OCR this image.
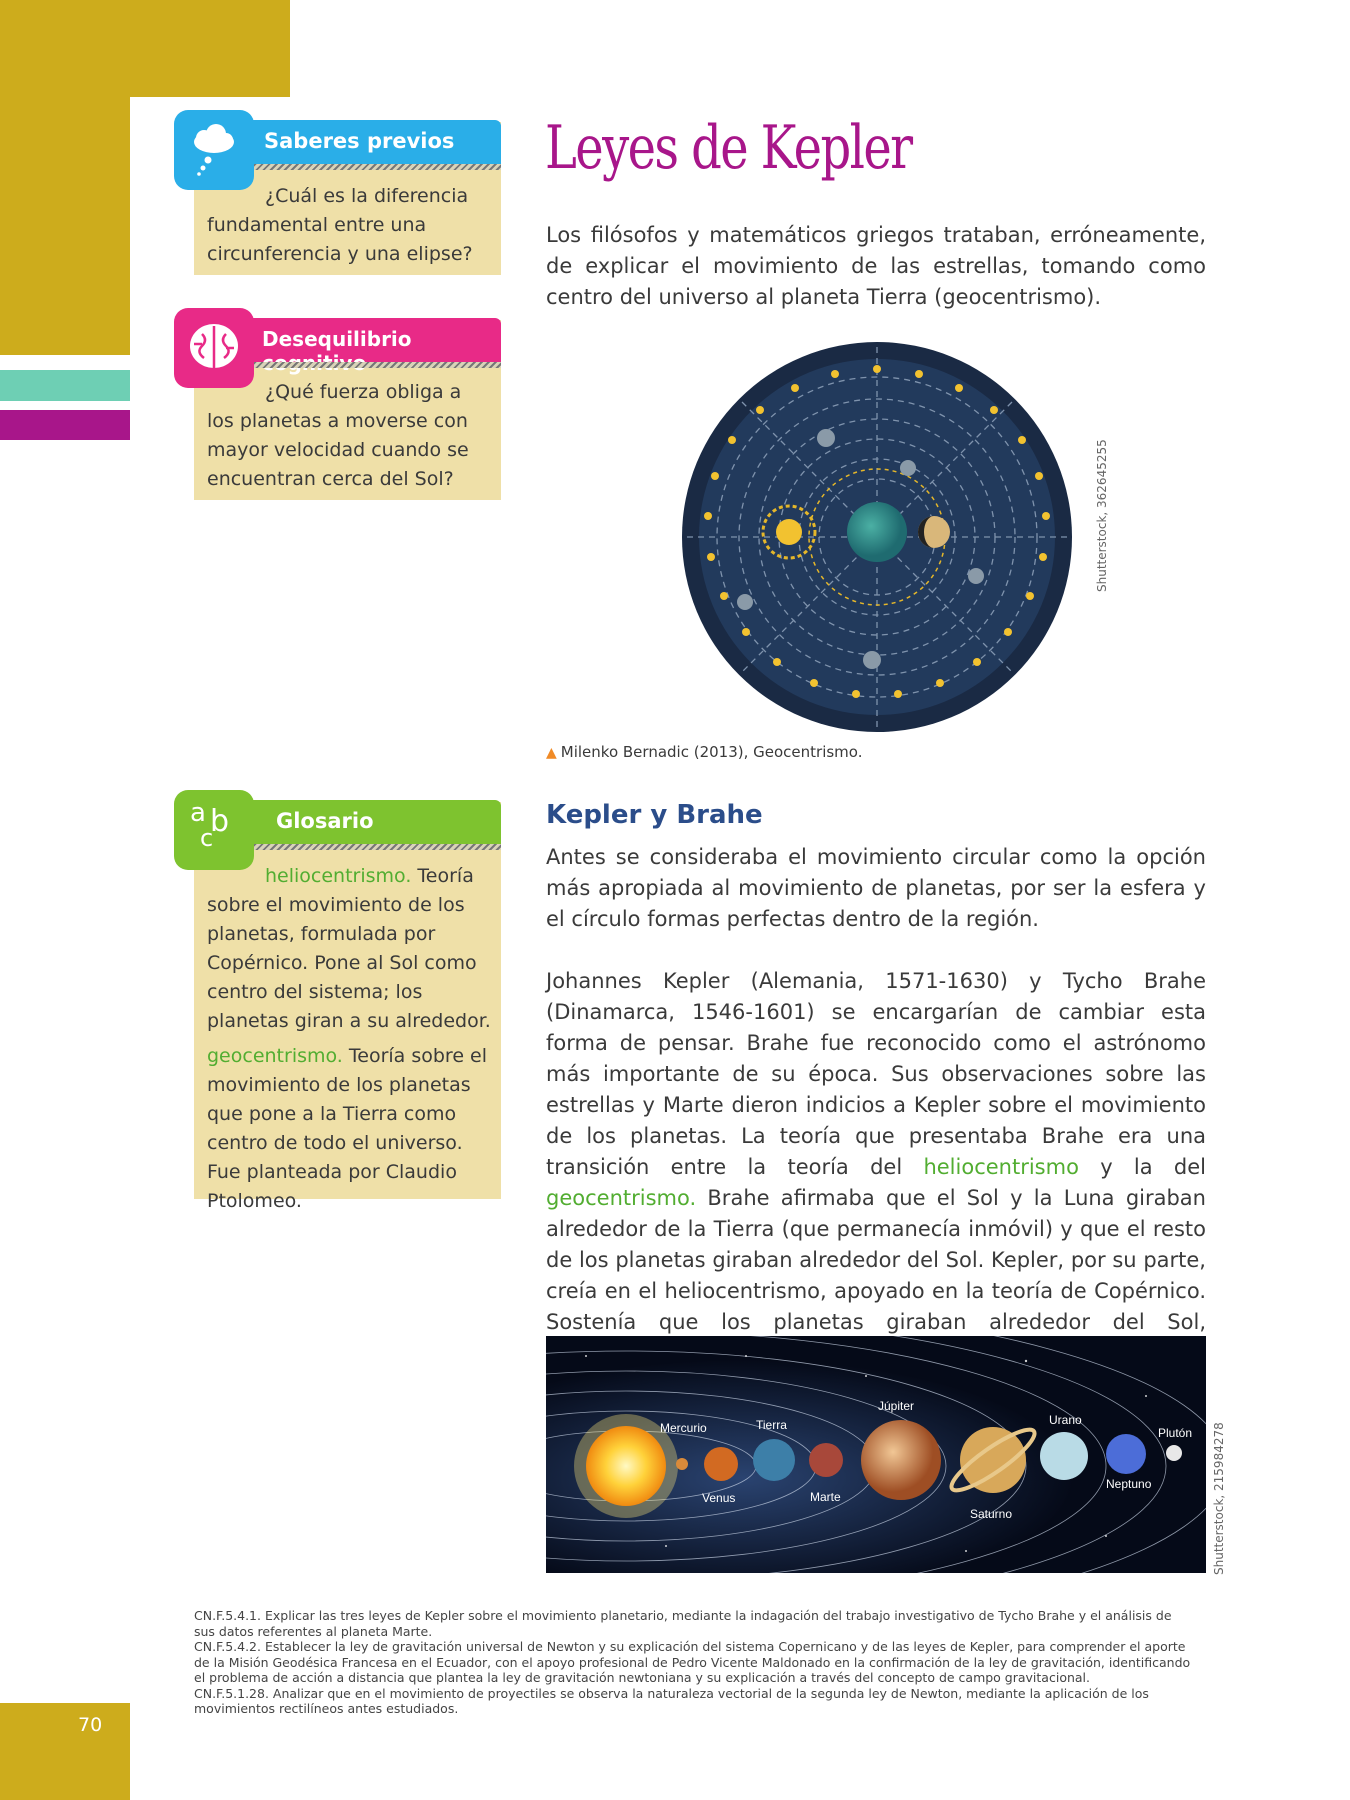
70
Saberes previos
¿Cuál es la diferencia fundamental entre una circunferencia y una elipse?
Desequilibrio
¿Qué fuerza obliga a los planetas a moverse con mayor velocidad cuando se encuentran cerca del Sol?
Glosario
a b
c
heliocentrismo. Teoría sobre el movimiento de los planetas, formulada por Copérnico. Pone al Sol como centro del sistema; los planetas giran a su alrededor.
geocentrismo. Teoría sobre el movimiento de los planetas que pone a la Tierra como centro de todo el universo. Fue planteada por Claudio Ptolomeo.
Leyes de Kepler
Los filósofos y matemáticos griegos trataban, erróneamente, de explicar el movimiento de las estrellas, tomando como centro del universo al planeta Tierra (geocentrismo).
Shutterstock, 362645255
▲ Milenko Bernadic (2013), Geocentrismo.
Kepler y Brahe
Antes se consideraba el movimiento circular como la opción más apropiada al movimiento de planetas, por ser la esfera y el círculo formas perfectas dentro de la región.
Johannes Kepler (Alemania, 1571-1630) y Tycho Brahe (Dinamarca, 1546-1601) se encargarían de cambiar esta forma de pensar. Brahe fue reconocido como el astrónomo más importante de su época. Sus observaciones sobre las estrellas y Marte dieron indicios a Kepler sobre el movimiento de los planetas. La teoría que presentaba Brahe era una transición entre la teoría del heliocentrismo y la del geocentrismo. Brahe afirmaba que el Sol y la Luna giraban alrededor de la Tierra (que permanecía inmóvil) y que el resto de los planetas giraban alrededor del Sol. Kepler, por su parte, creía en el heliocentrismo, apoyado en la teoría de Copérnico. Sostenía que los planetas giraban alrededor del Sol,
Mercurio
Venus
Tierra
Marte
Júpiter
Saturno
Urano
Neptuno
Plutón Shutterstock, 215984278
CN.F.5.4.1. Explicar las tres leyes de Kepler sobre el movimiento planetario, mediante la indagación del trabajo investigativo de Tycho Brahe y el análisis de sus datos referentes al planeta Marte.
CN.F.5.4.2. Establecer la ley de gravitación universal de Newton y su explicación del sistema Copernicano y de las leyes de Kepler, para comprender el aporte de la Misión Geodésica Francesa en el Ecuador, con el apoyo profesional de Pedro Vicente Maldonado en la confirmación de la ley de gravitación, identificando el problema de acción a distancia que plantea la ley de gravitación newtoniana y su explicación a través del concepto de campo gravitacional.
CN.F.5.1.28. Analizar que en el movimiento de proyectiles se observa la naturaleza vectorial de la segunda ley de Newton, mediante la aplicación de los movimientos rectilíneos antes estudiados.
